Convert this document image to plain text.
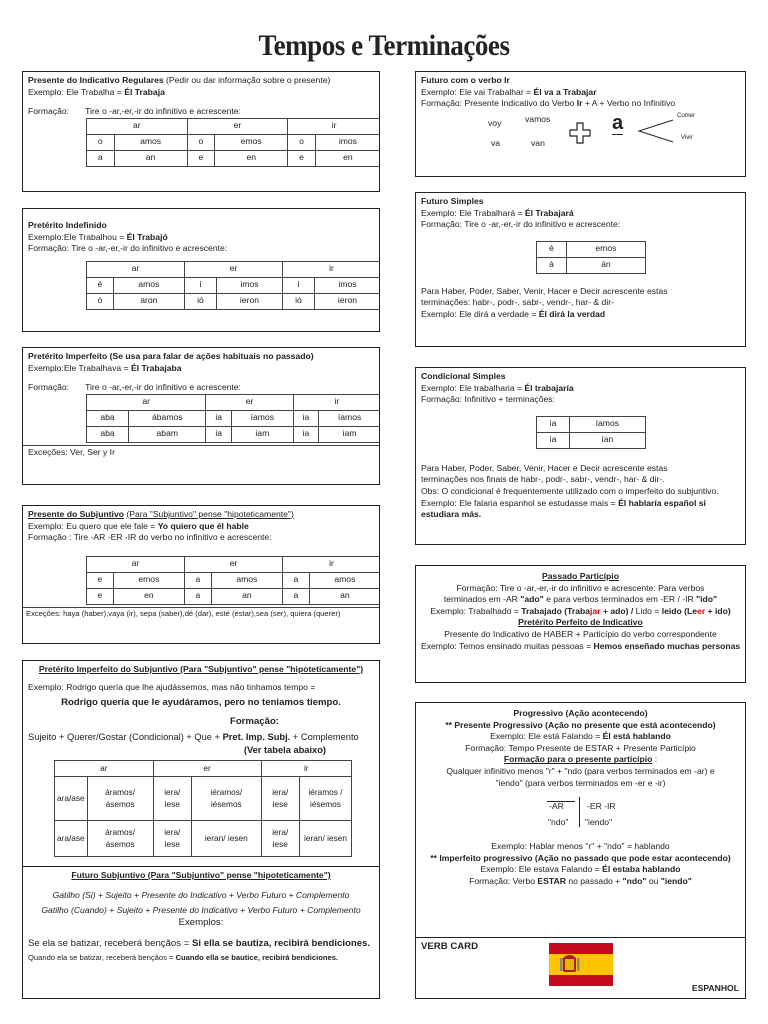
Tempos e Terminações
Presente do Indicativo Regulares (Pedir ou dar informação sobre o presente)
Exemplo: Ele Trabalha = Él Trabaja
Formação: Tire o -ar,-er,-ir do infinitivo e acrescente:
ar		er		ir	
o	amos	o	emos	o	imos
a	an	e	en	e	en
Pretérito Indefinido
Exemplo:Ele Trabalhou = Él Trabajó
Formação: Tire o -ar,-er,-ir do infinitivo e acrescente:
ar		er		ir	
é	amos	í	imos	í	imos
ó	aron	ió	ieron	ió	ieron
Pretérito Imperfeito (Se usa para falar de ações habituais no passado)
Exemplo:Ele Trabalhava = Él Trabajaba
Formação: Tire o -ar,-er,-ir do infinitivo e acrescente:
ar		er		ir	
aba	ábamos	ia	íamos	ia	íamos
aba	abam	ia	iam	ia	iam
Exceções: Ver, Ser y Ir
Presente do Subjuntivo (Para "Subjuntivo" pense "hipoteticamente")
Exemplo: Eu quero que ele fale = Yo quiero que él hable
Formação : Tire -AR -ER -IR do verbo no infinitivo e acrescente:
ar		er		ir	
e	emos	a	amos	a	amos
e	en	a	an	a	an
Exceções: haya (haber),vaya (ir), sepa (saber),dé (dar), esté (estar),sea (ser), quiera (querer)
Pretérito Imperfeito do Subjuntivo (Para "Subjuntivo" pense "hipoteticamente")
Exemplo: Rodrigo quería que lhe ajudássemos, mas não tinhamos tempo =
Rodrigo quería que le ayudáramos, pero no teniamos tiempo.
Formação:
Sujeito + Querer/Gostar (Condicional) + Que + Pret. Imp. Subj. + Complemento
(Ver tabela abaixo)
ar		er		ir	
ara/ase	áramos/ ásemos	iera/ iese	iéramos/ iésemos	iera/ iese	iéramos / iésemos
ara/ase	áramos/ ásemos	iera/ iese	ieran/ iesen	iera/ iese	ieran/ iesen
Futuro Subjuntivo (Para "Subjuntivo" pense "hipoteticamente")
Gatilho (Si) + Sujeito + Presente do Indicativo + Verbo Futuro + Complemento
Gatilho (Cuando) + Sujeito + Presente do Indicativo + Verbo Futuro + Complemento
Exemplos:
Se ela se batizar, receberá bençãos = Si ella se bautiza, recibirá bendiciones.
Quando ela se batizar, receberá bençãos = Cuando ella se bautice, recibirá bendiciones.
Futuro com o verbo Ir
Exemplo: Ele vai Trabalhar = Él va a Trabajar
Formação: Presente Indicativo do Verbo Ir + A + Verbo no Infinitivo
voy	vamos
va	van
a	Comer
Vivir
Futuro Simples
Exemplo: Ele Trabalhará = Él Trabajará
Formação: Tire o -ar,-er,-ir do infinitivo e acrescente:
é	emos
á	án
Para Haber, Poder, Saber, Venir, Hacer e Decir acrescente estas
terminações: habr-, podr-, sabr-, vendr-, har- & dir-
Exemplo: Ele dirá a verdade = Él dirá la verdad
Condicional Simples
Exemplo: Ele trabalharia = Él trabajaría
Formação: Infinitivo + terminações:
ía	íamos
ía	ían
Para Haber, Poder, Saber, Venir, Hacer e Decir acrescente estas
terminações nos finais de habr-, podr-, sabr-, vendr-, har- & dir-.
Obs: O condicional é frequentemente utilizado com o imperfeito do subjuntivo.
Exemplo: Ele falaria espanhol se estudasse mais = Él hablaría español si estudiara más.
Passado Particípio
Formação: Tire o -ar,-er,-ir do infinitivo e acrescente: Para verbos
terminados em -AR "ado" e para verbos terminados em -ER / -IR "ido"
Exemplo: Trabalhado = Trabajado (Trabajar + ado) / Lido = leido (Leer + ido)
Pretérito Perfeito de Indicativo
Presente do Indicativo de HABER + Particípio do verbo correspondente
Exemplo: Temos ensinado muitas pessoas = Hemos enseñado muchas personas
Progressivo (Ação acontecendo)
** Presente Progressivo (Ação no presente que está acontecendo)
Exemplo: Ele está Falando = Él está hablando
Formação: Tempo Presente de ESTAR + Presente Particípio
Formação para o presente particípio :
Qualquer infinitivo menos "r" + "ndo (para verbos terminados em -ar) e
"iendo" (para verbos terminados em -er e -ir)
-AR	-ER -IR
"ndo" "iendo"
Exemplo: Hablar menos "r" + "ndo" = hablando
** Imperfeito progressivo (Ação no passado que pode estar acontecendo)
Exemplo: Ele estava Falando = Él estaba hablando
Formação: Verbo ESTAR no passado + "ndo" ou "iendo"
VERB CARD
ESPANHOL
